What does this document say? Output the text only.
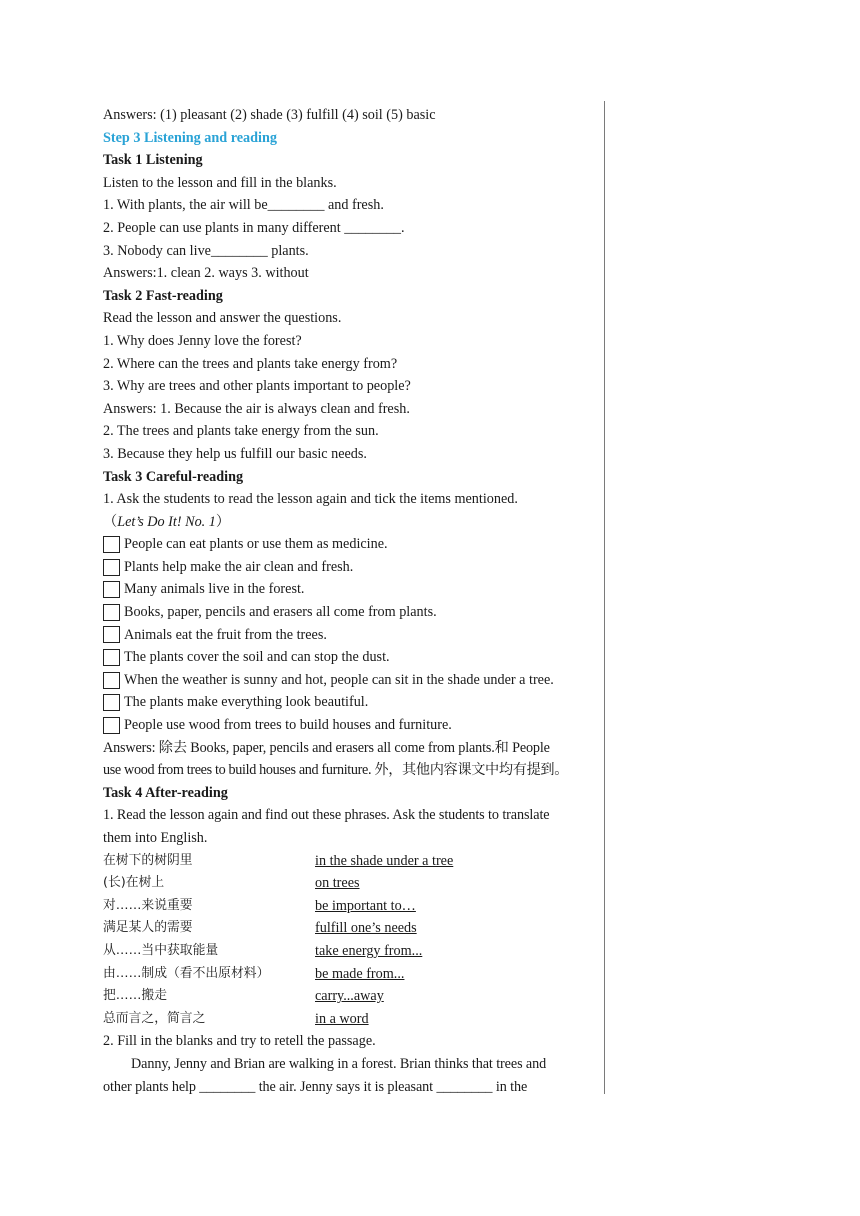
Answers: (1) pleasant (2) shade (3) fulfill (4) soil (5) basic
Step 3 Listening and reading
Task 1 Listening
Listen to the lesson and fill in the blanks.
1. With plants, the air will be________ and fresh.
2. People can use plants in many different ________.
3. Nobody can live________ plants.
Answers:1. clean 2. ways 3. without
Task 2 Fast-reading
Read the lesson and answer the questions.
1. Why does Jenny love the forest?
2. Where can the trees and plants take energy from?
3. Why are trees and other plants important to people?
Answers: 1. Because the air is always clean and fresh.
2. The trees and plants take energy from the sun.
3. Because they help us fulfill our basic needs.
Task 3 Careful-reading
1. Ask the students to read the lesson again and tick the items mentioned.
（Let’s Do It! No. 1）
People can eat plants or use them as medicine.
Plants help make the air clean and fresh.
Many animals live in the forest.
Books, paper, pencils and erasers all come from plants.
Animals eat the fruit from the trees.
The plants cover the soil and can stop the dust.
When the weather is sunny and hot, people can sit in the shade under a tree.
The plants make everything look beautiful.
People use wood from trees to build houses and furniture.
Answers: 除去 Books, paper, pencils and erasers all come from plants.和 People
use wood from trees to build houses and furniture. 外，其他内容课文中均有提到。
Task 4 After-reading
1. Read the lesson again and find out these phrases. Ask the students to translate
them into English.
在树下的树阴里	in the shade under a tree
(长)在树上	on trees
对……来说重要	be important to…
满足某人的需要	fulfill one’s needs
从……当中获取能量	take energy from...
由……制成（看不出原材料）	be made from...
把……搬走	carry...away
总而言之，简言之	in a word
2. Fill in the blanks and try to retell the passage.
Danny, Jenny and Brian are walking in a forest. Brian thinks that trees and
other plants help ________ the air. Jenny says it is pleasant ________ in the
